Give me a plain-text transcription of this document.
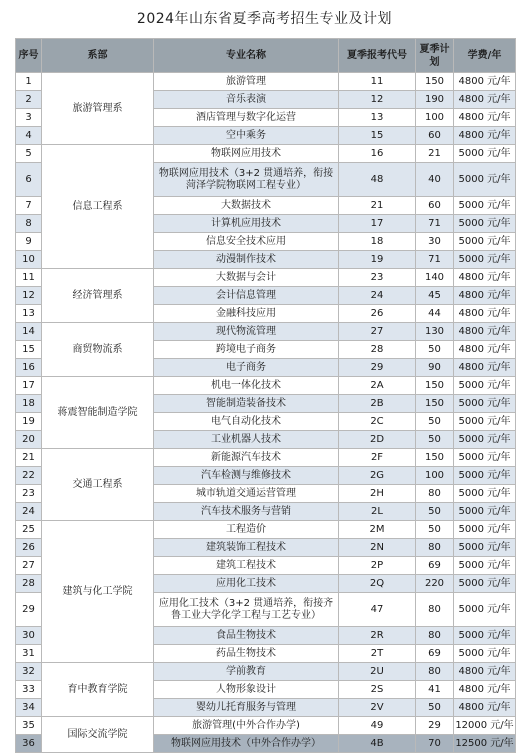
2024年山东省夏季高考招生专业及计划
序号	系部	专业名称	夏季报考代号	夏季计划	学费/年
1	旅游管理系	旅游管理	11	150	4800 元/年
2		音乐表演	12	190	4800 元/年
3		酒店管理与数字化运营	13	100	4800 元/年
4		空中乘务	15	60	4800 元/年
5	信息工程系	物联网应用技术	16	21	5000 元/年
6		物联网应用技术（3+2 贯通培养，衔接菏泽学院物联网工程专业）	48	40	5000 元/年
7		大数据技术	21	60	5000 元/年
8		计算机应用技术	17	71	5000 元/年
9		信息安全技术应用	18	30	5000 元/年
10		动漫制作技术	19	71	5000 元/年
11	经济管理系	大数据与会计	23	140	4800 元/年
12		会计信息管理	24	45	4800 元/年
13		金融科技应用	26	44	4800 元/年
14	商贸物流系	现代物流管理	27	130	4800 元/年
15		跨境电子商务	28	50	4800 元/年
16		电子商务	29	90	4800 元/年
17	蒋震智能制造学院	机电一体化技术	2A	150	5000 元/年
18		智能制造装备技术	2B	150	5000 元/年
19		电气自动化技术	2C	50	5000 元/年
20		工业机器人技术	2D	50	5000 元/年
21	交通工程系	新能源汽车技术	2F	150	5000 元/年
22		汽车检测与维修技术	2G	100	5000 元/年
23		城市轨道交通运营管理	2H	80	5000 元/年
24		汽车技术服务与营销	2L	50	5000 元/年
25	建筑与化工学院	工程造价	2M	50	5000 元/年
26		建筑装饰工程技术	2N	80	5000 元/年
27		建筑工程技术	2P	69	5000 元/年
28		应用化工技术	2Q	220	5000 元/年
29		应用化工技术（3+2 贯通培养，衔接齐鲁工业大学化学工程与工艺专业）	47	80	5000 元/年
30		食品生物技术	2R	80	5000 元/年
31		药品生物技术	2T	69	5000 元/年
32	育中教育学院	学前教育	2U	80	4800 元/年
33		人物形象设计	2S	41	4800 元/年
34		婴幼儿托育服务与管理	2V	50	4800 元/年
35	国际交流学院	旅游管理(中外合作办学)	49	29	12000 元/年
36		物联网应用技术（中外合作办学）	4B	70	12500 元/年
